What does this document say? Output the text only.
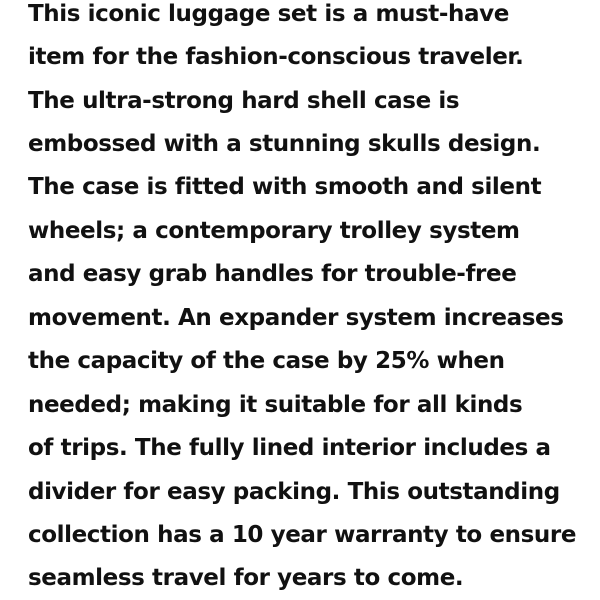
This iconic luggage set is a must-have
item for the fashion-conscious traveler.
The ultra-strong hard shell case is
embossed with a stunning skulls design.
The case is fitted with smooth and silent
wheels; a contemporary trolley system
and easy grab handles for trouble-free
movement. An expander system increases
the capacity of the case by 25% when
needed; making it suitable for all kinds
of trips. The fully lined interior includes a
divider for easy packing. This outstanding
collection has a 10 year warranty to ensure
seamless travel for years to come.
